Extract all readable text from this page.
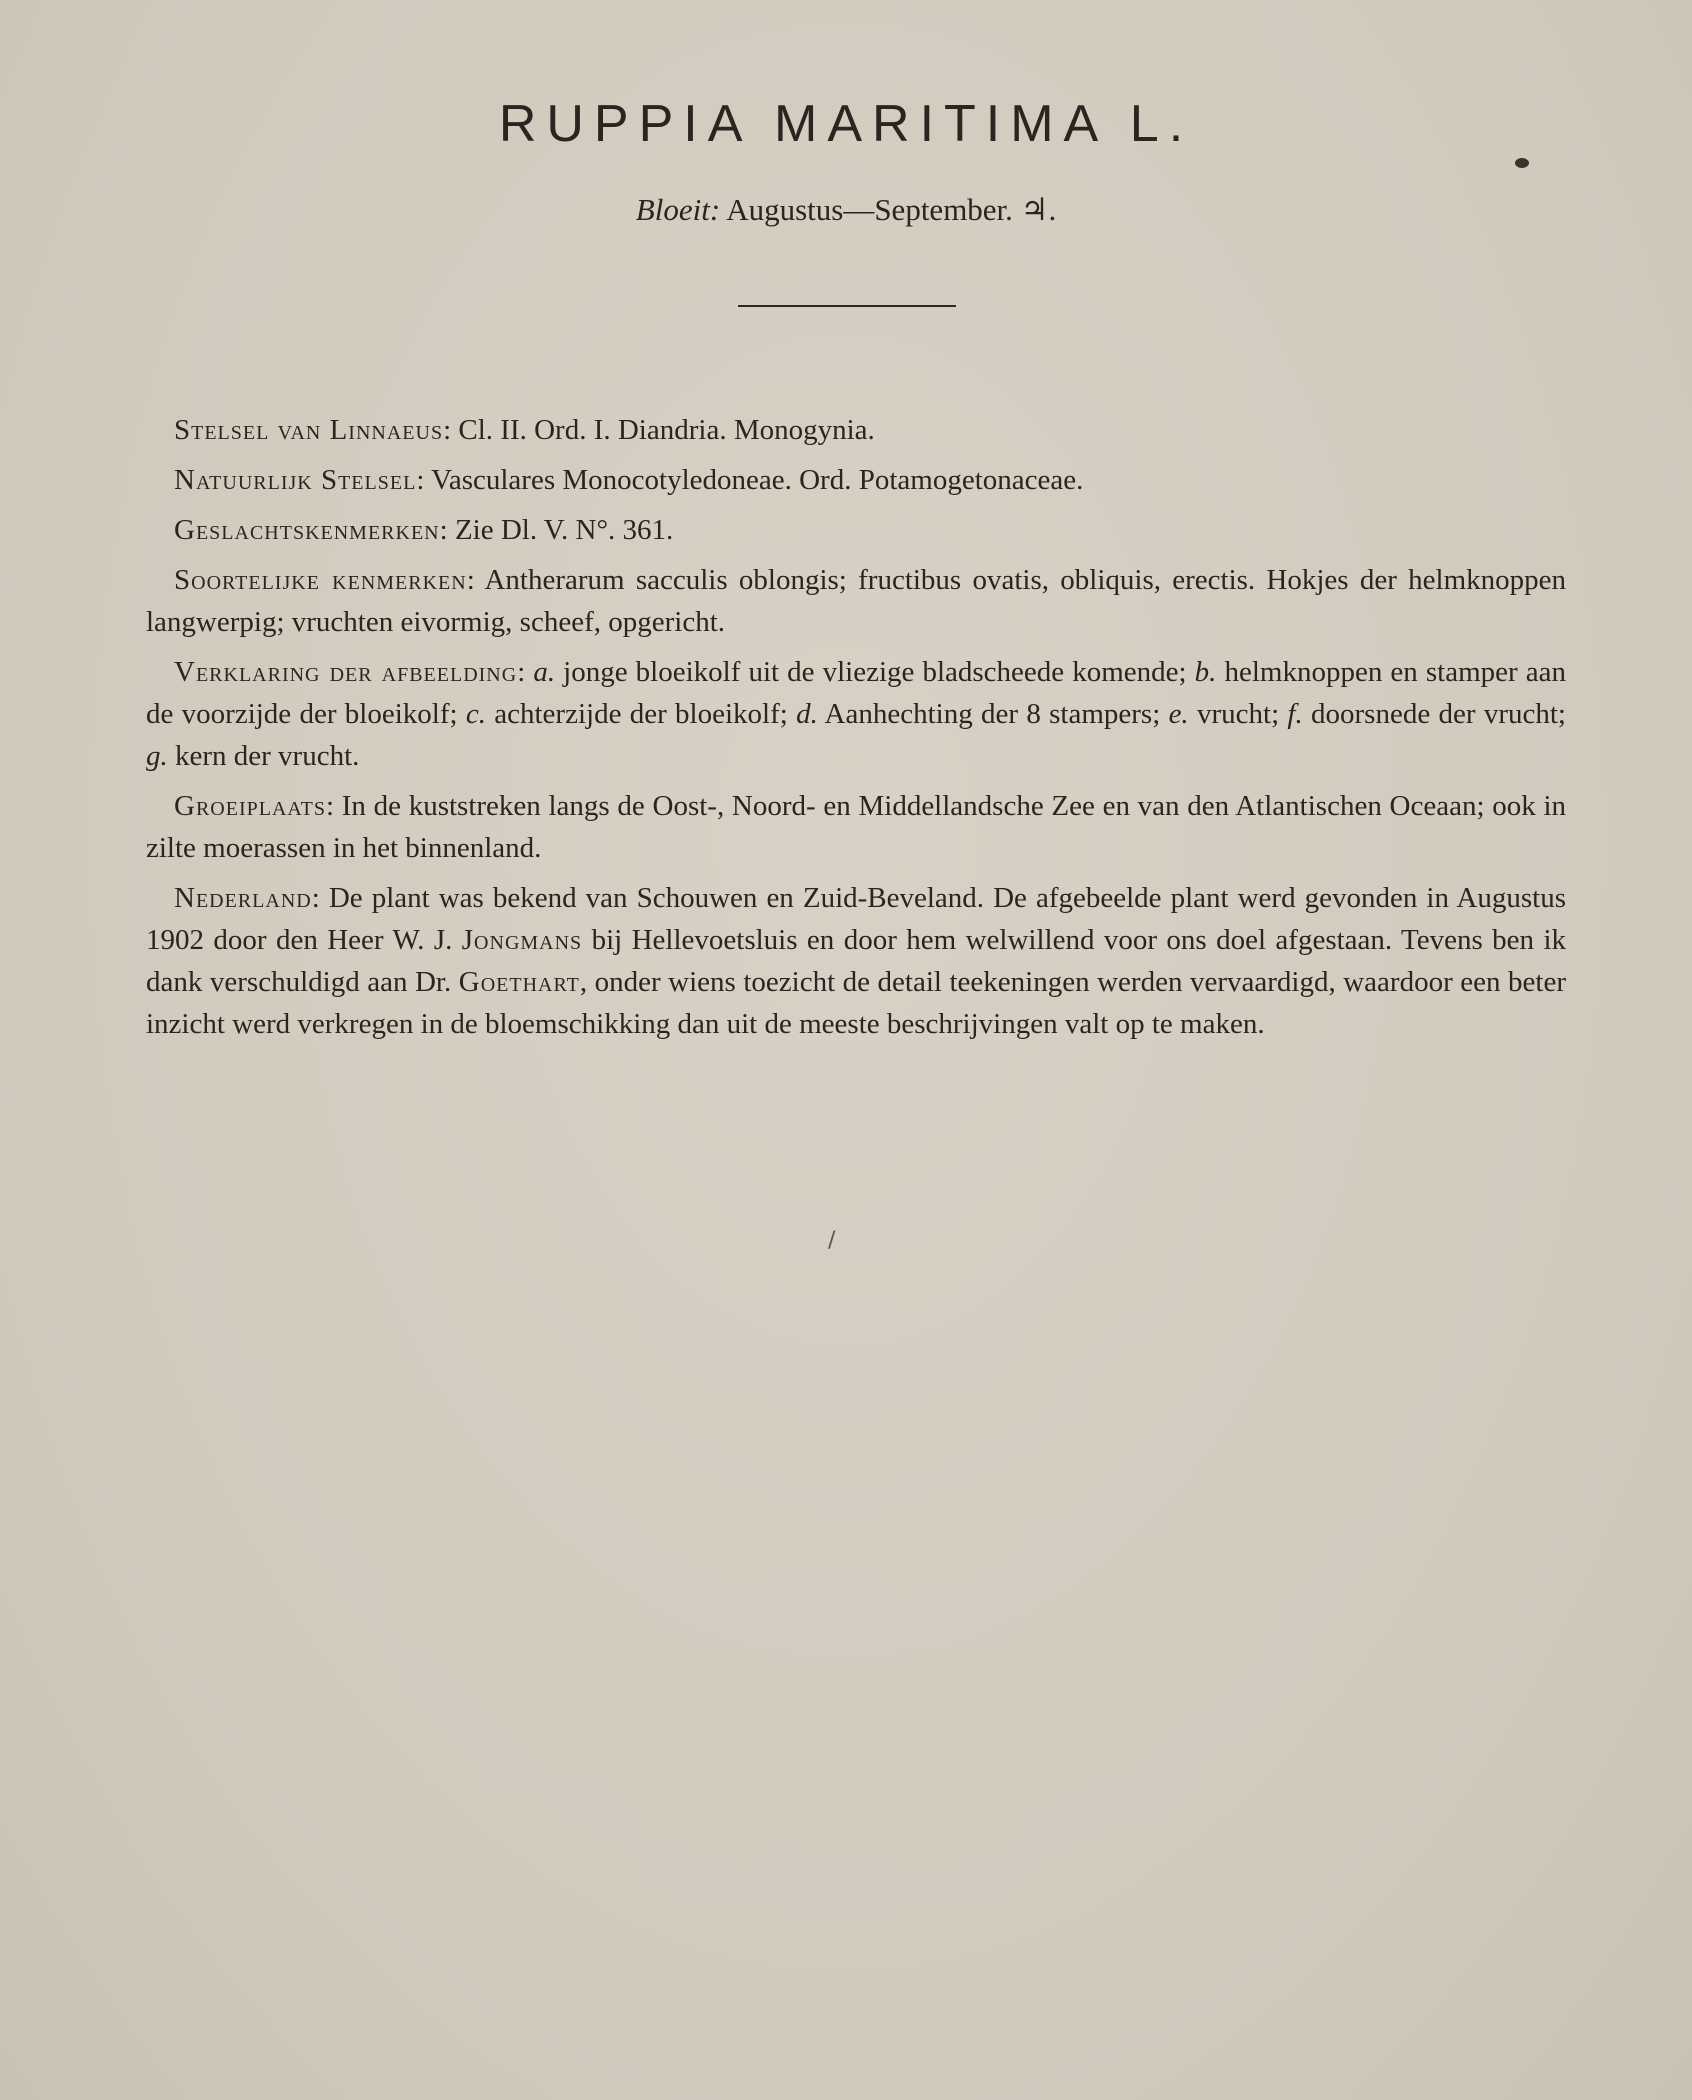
RUPPIA MARITIMA L.
Bloeit: Augustus—September. ♃.

Stelsel van Linnaeus: Cl. II. Ord. I. Diandria. Monogynia.

Natuurlijk Stelsel: Vasculares Monocotyledoneae. Ord. Potamogetonaceae.

Geslachtskenmerken: Zie Dl. V. N°. 361.

Soortelijke kenmerken: Antherarum sacculis oblongis; fructibus ovatis, obliquis, erectis. Hokjes der helmknoppen langwerpig; vruchten eivormig, scheef, opgericht.

Verklaring der afbeelding: a. jonge bloeikolf uit de vliezige bladscheede komende; b. helmknoppen en stamper aan de voorzijde der bloeikolf; c. achterzijde der bloeikolf; d. Aanhechting der 8 stampers; e. vrucht; f. doorsnede der vrucht; g. kern der vrucht.

Groeiplaats: In de kuststreken langs de Oost-, Noord- en Middellandsche Zee en van den Atlantischen Oceaan; ook in zilte moerassen in het binnenland.

Nederland: De plant was bekend van Schouwen en Zuid-Beveland. De afgebeelde plant werd gevonden in Augustus 1902 door den Heer W. J. Jongmans bij Hellevoetsluis en door hem welwillend voor ons doel afgestaan. Tevens ben ik dank verschuldigd aan Dr. Goethart, onder wiens toezicht de detail teekeningen werden vervaardigd, waardoor een beter inzicht werd verkregen in de bloemschikking dan uit de meeste beschrijvingen valt op te maken.

/
